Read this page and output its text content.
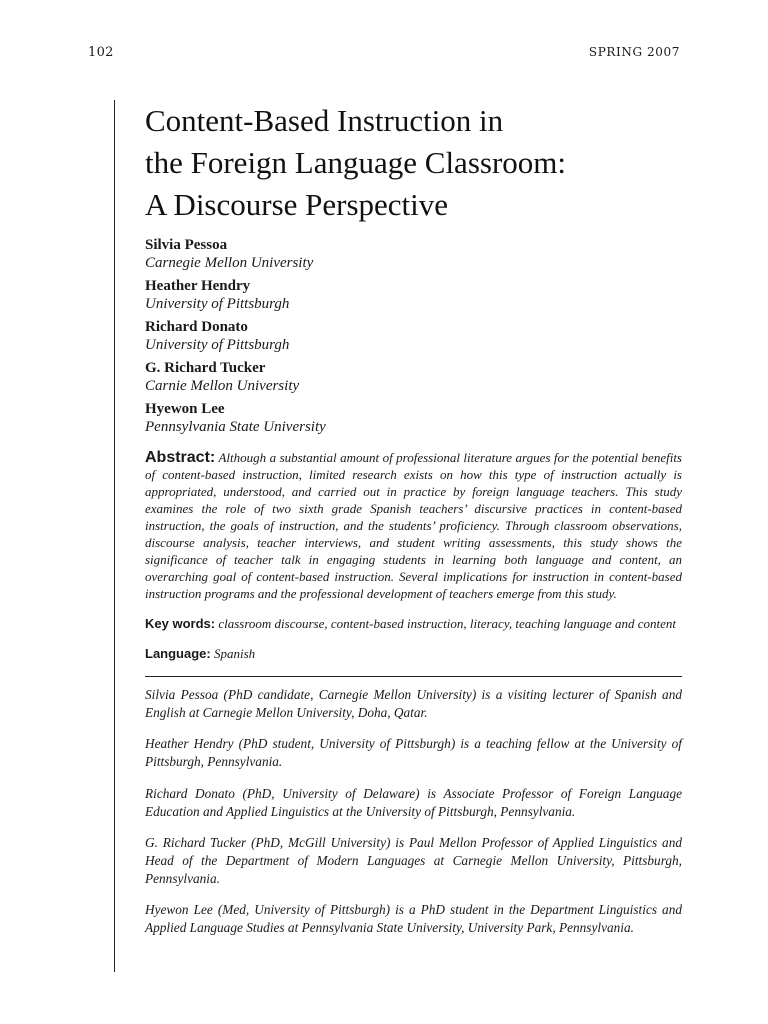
102	SPRING 2007
Content-Based Instruction in
the Foreign Language Classroom:
A Discourse Perspective
Silvia Pessoa
Carnegie Mellon University
Heather Hendry
University of Pittsburgh
Richard Donato
University of Pittsburgh
G. Richard Tucker
Carnie Mellon University
Hyewon Lee
Pennsylvania State University

Abstract: Although a substantial amount of professional literature argues for the potential benefits of content-based instruction, limited research exists on how this type of instruction actually is appropriated, understood, and carried out in practice by foreign language teachers. This study examines the role of two sixth grade Spanish teachers’ discursive practices in content-based instruction, the goals of instruction, and the students’ proficiency. Through classroom observations, discourse analysis, teacher interviews, and student writing assessments, this study shows the significance of teacher talk in engaging students in learning both language and content, an overarching goal of content-based instruction. Several implications for instruction in content-based instruction programs and the professional development of teachers emerge from this study.

Key words: classroom discourse, content-based instruction, literacy, teaching language and content

Language: Spanish

Silvia Pessoa (PhD candidate, Carnegie Mellon University) is a visiting lecturer of Spanish and English at Carnegie Mellon University, Doha, Qatar.

Heather Hendry (PhD student, University of Pittsburgh) is a teaching fellow at the University of Pittsburgh, Pennsylvania.

Richard Donato (PhD, University of Delaware) is Associate Professor of Foreign Language Education and Applied Linguistics at the University of Pittsburgh, Pennsylvania.

G. Richard Tucker (PhD, McGill University) is Paul Mellon Professor of Applied Linguistics and Head of the Department of Modern Languages at Carnegie Mellon University, Pittsburgh, Pennsylvania.

Hyewon Lee (Med, University of Pittsburgh) is a PhD student in the Department Linguistics and Applied Language Studies at Pennsylvania State University, University Park, Pennsylvania.
